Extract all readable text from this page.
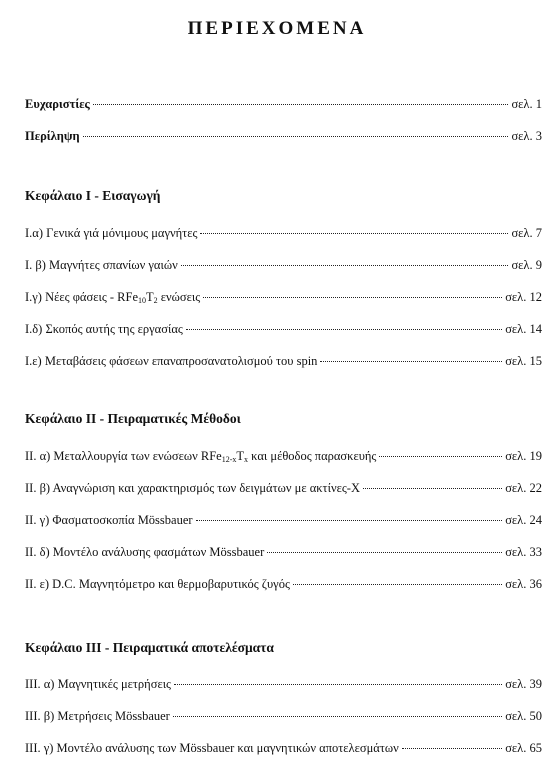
ΠΕΡΙΕΧΟΜΕΝΑ
Ευχαριστίες	σελ. 1
Περίληψη	σελ. 3
Κεφάλαιο Ι - Εισαγωγή
Ι.α) Γενικά γιά μόνιμους μαγνήτες	σελ. 7
Ι. β) Μαγνήτες σπανίων γαιών	σελ. 9
Ι.γ) Νέες φάσεις - $RFe_{10}T_2$ ενώσεις	σελ. 12
Ι.δ) Σκοπός αυτής της εργασίας	σελ. 14
Ι.ε) Μεταβάσεις φάσεων επαναπροσανατολισμού του spin	σελ. 15
Κεφάλαιο ΙΙ - Πειραματικές Μέθοδοι
ΙΙ. α) Μεταλλουργία των ενώσεων $RFe_{12-x}T_x$ και μέθοδος παρασκευής	σελ. 19
ΙΙ. β) Αναγνώριση και χαρακτηρισμός των δειγμάτων με ακτίνες-Χ	σελ. 22
ΙΙ. γ) Φασματοσκοπία Mössbauer	σελ. 24
ΙΙ. δ) Μοντέλο ανάλυσης φασμάτων Mössbauer	σελ. 33
ΙΙ. ε) D.C. Μαγνητόμετρο και θερμοβαρυτικός ζυγός	σελ. 36
Κεφάλαιο ΙΙΙ - Πειραματικά αποτελέσματα
ΙΙΙ. α) Μαγνητικές μετρήσεις	σελ. 39
ΙΙΙ. β) Μετρήσεις Mössbauer	σελ. 50
ΙΙΙ. γ) Μοντέλο ανάλυσης των Mössbauer και μαγνητικών αποτελεσμάτων	σελ. 65
